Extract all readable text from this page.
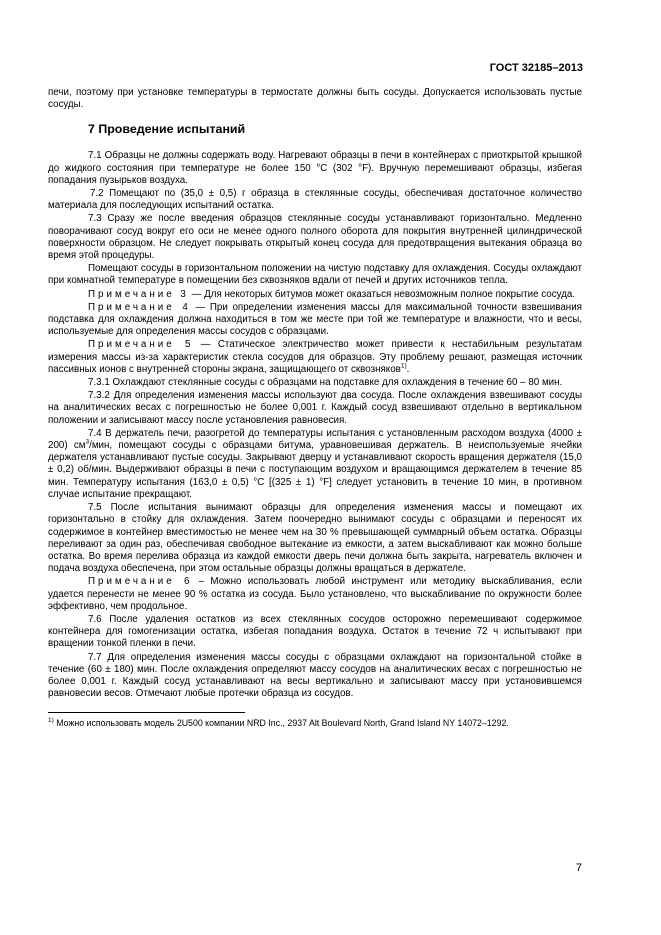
ГОСТ 32185–2013

печи, поэтому при установке температуры в термостате должны быть сосуды. Допускается использовать пустые сосуды.

7 Проведение испытаний

7.1 Образцы не должны содержать воду. Нагревают образцы в печи в контейнерах с приоткрытой крышкой до жидкого состояния при температуре не более 150 °C (302 °F). Вручную перемешивают образцы, избегая попадания пузырьков воздуха.

7.2 Помещают по (35,0 ± 0,5) г образца в стеклянные сосуды, обеспечивая достаточное количество материала для последующих испытаний остатка.

7.3 Сразу же после введения образцов стеклянные сосуды устанавливают горизонтально. Медленно поворачивают сосуд вокруг его оси не менее одного полного оборота для покрытия внутренней цилиндрической поверхности образцом. Не следует покрывать открытый конец сосуда для предотвращения вытекания образца во время этой процедуры.

Помещают сосуды в горизонтальном положении на чистую подставку для охлаждения. Сосуды охлаждают при комнатной температуре в помещении без сквозняков вдали от печей и других источников тепла.

Примечание 3 — Для некоторых битумов может оказаться невозможным полное покрытие сосуда.

Примечание 4 — При определении изменения массы для максимальной точности взвешивания подставка для охлаждения должна находиться в том же месте при той же температуре и влажности, что и весы, используемые для определения массы сосудов с образцами.

Примечание 5 — Статическое электричество может привести к нестабильным результатам измерения массы из-за характеристик стекла сосудов для образцов. Эту проблему решают, размещая источник пассивных ионов с внутренней стороны экрана, защищающего от сквозняков$^{1)}$.

7.3.1 Охлаждают стеклянные сосуды с образцами на подставке для охлаждения в течение 60 – 80 мин.

7.3.2 Для определения изменения массы используют два сосуда. После охлаждения взвешивают сосуды на аналитических весах с погрешностью не более 0,001 г. Каждый сосуд взвешивают отдельно в вертикальном положении и записывают массу после установления равновесия.

7.4 В держатель печи, разогретой до температуры испытания с установленным расходом воздуха (4000 ± 200) $см^3$/мин, помещают сосуды с образцами битума, уравновешивая держатель. В неиспользуемые ячейки держателя устанавливают пустые сосуды. Закрывают дверцу и устанавливают скорость вращения держателя (15,0 ± 0,2) об/мин. Выдерживают образцы в печи с поступающим воздухом и вращающимся держателем в течение 85 мин. Температуру испытания (163,0 ± 0,5) °C [(325 ± 1) °F] следует установить в течение 10 мин, в противном случае испытание прекращают.

7.5 После испытания вынимают образцы для определения изменения массы и помещают их горизонтально в стойку для охлаждения. Затем поочередно вынимают сосуды с образцами и переносят их содержимое в контейнер вместимостью не менее чем на 30 % превышающей суммарный объем остатка. Образцы переливают за один раз, обеспечивая свободное вытекание из емкости, а затем выскабливают как можно больше остатка. Во время перелива образца из каждой емкости дверь печи должна быть закрыта, нагреватель включен и подача воздуха обеспечена, при этом остальные образцы должны вращаться в держателе.

Примечание 6 – Можно использовать любой инструмент или методику выскабливания, если удается перенести не менее 90 % остатка из сосуда. Было установлено, что выскабливание по окружности более эффективно, чем продольное.

7.6 После удаления остатков из всех стеклянных сосудов осторожно перемешивают содержимое контейнера для гомогенизации остатка, избегая попадания воздуха. Остаток в течение 72 ч испытывают при вращении тонкой пленки в печи.

7.7 Для определения изменения массы сосуды с образцами охлаждают на горизонтальной стойке в течение (60 ± 180) мин. После охлаждения определяют массу сосудов на аналитических весах с погрешностью не более 0,001 г. Каждый сосуд устанавливают на весы вертикально и записывают массу при установившемся равновесии весов. Отмечают любые протечки образца из сосудов.

$^{1)}$ Можно использовать модель 2U500 компании NRD Inc., 2937 Alt Boulevard North, Grand Island NY 14072–1292.

7
